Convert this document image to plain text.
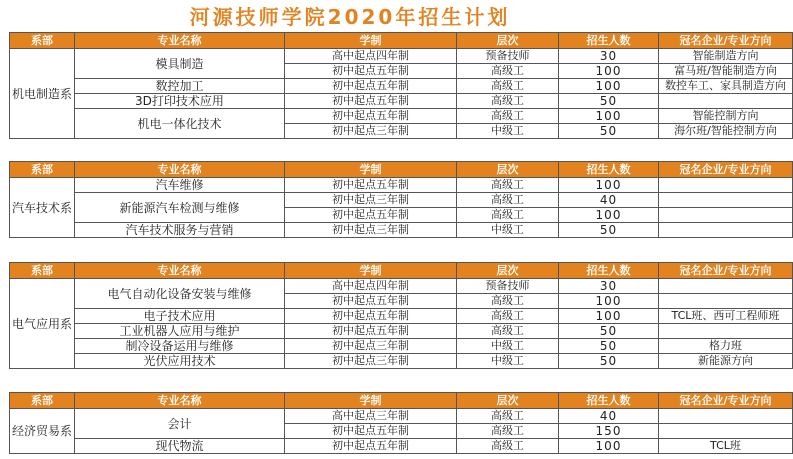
河源技师学院2020年招生计划
系部	专业名称	学制	层次	招生人数	冠名企业/专业方向
机电制造系	模具制造	高中起点四年制	预备技师	30	智能制造方向
		初中起点五年制	高级工	100	富马班/智能制造方向
	数控加工	初中起点五年制	高级工	100	数控车工、家具制造方向
	3D打印技术应用	初中起点五年制	高级工	50	
	机电一体化技术	初中起点五年制	高级工	100	智能控制方向
		初中起点三年制	中级工	50	海尔班/智能控制方向
系部	专业名称	学制	层次	招生人数	冠名企业/专业方向
汽车技术系	汽车维修	初中起点五年制	高级工	100	
	新能源汽车检测与维修	初中起点三年制	高级工	40	
		初中起点五年制	高级工	100	
	汽车技术服务与营销	初中起点三年制	中级工	50	
系部	专业名称	学制	层次	招生人数	冠名企业/专业方向
电气应用系	电气自动化设备安装与维修	高中起点四年制	预备技师	30	
		初中起点五年制	高级工	100	
	电子技术应用	初中起点五年制	高级工	100	TCL班、西可工程师班
	工业机器人应用与维护	初中起点五年制	高级工	50	
	制冷设备运用与维修	初中起点三年制	中级工	50	格力班
	光伏应用技术	初中起点三年制	中级工	50	新能源方向
系部	专业名称	学制	层次	招生人数	冠名企业/专业方向
经济贸易系	会计	高中起点三年制	高级工	40	
		初中起点五年制	高级工	150	
	现代物流	初中起点五年制	高级工	100	TCL班
